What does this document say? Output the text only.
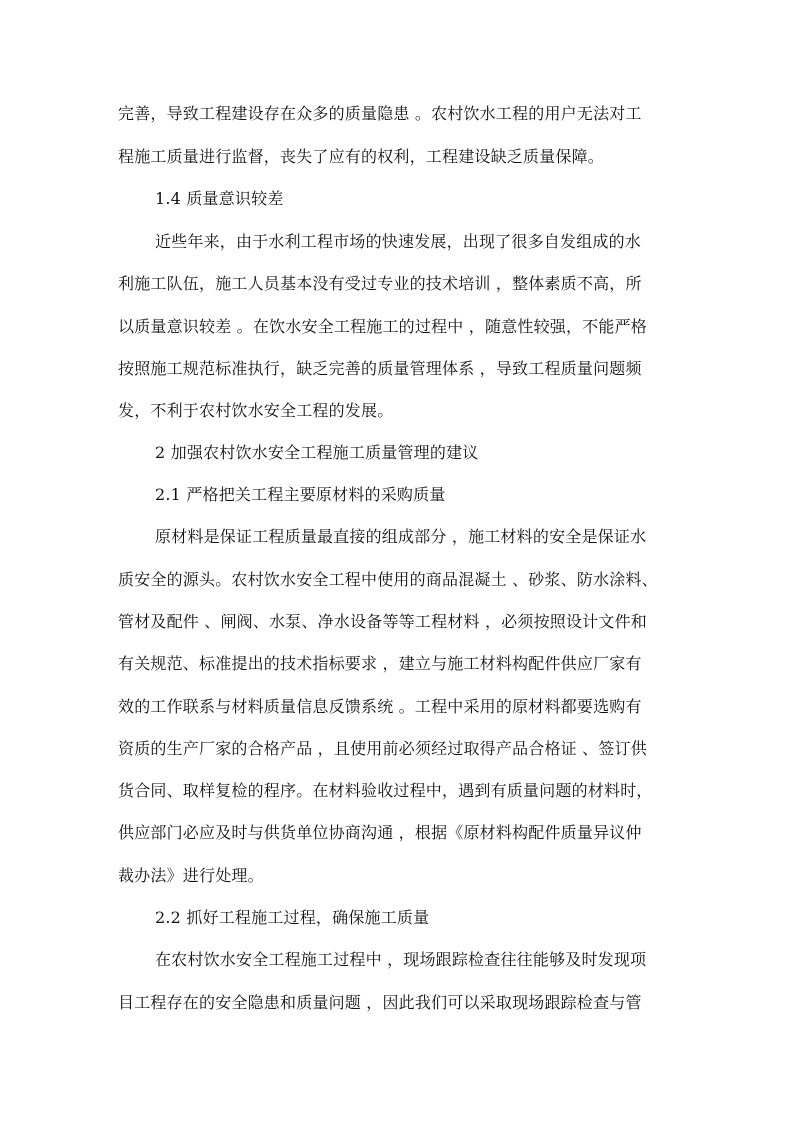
完善，导致工程建设存在众多的质量隐患 。农村饮水工程的用户无法对工
程施工质量进行监督，丧失了应有的权利，工程建设缺乏质量保障。
1.4 质量意识较差
近些年来，由于水利工程市场的快速发展，出现了很多自发组成的水
利施工队伍，施工人员基本没有受过专业的技术培训 ，整体素质不高，所
以质量意识较差 。在饮水安全工程施工的过程中 ，随意性较强，不能严格
按照施工规范标准执行，缺乏完善的质量管理体系 ，导致工程质量问题频
发，不利于农村饮水安全工程的发展。
2 加强农村饮水安全工程施工质量管理的建议
2.1 严格把关工程主要原材料的采购质量
原材料是保证工程质量最直接的组成部分 ，施工材料的安全是保证水
质安全的源头。农村饮水安全工程中使用的商品混凝土 、砂浆、防水涂料、
管材及配件 、闸阀、水泵、净水设备等等工程材料 ，必须按照设计文件和
有关规范、标准提出的技术指标要求 ，建立与施工材料构配件供应厂家有
效的工作联系与材料质量信息反馈系统 。工程中采用的原材料都要选购有
资质的生产厂家的合格产品 ，且使用前必须经过取得产品合格证 、签订供
货合同、取样复检的程序。在材料验收过程中，遇到有质量问题的材料时，
供应部门必应及时与供货单位协商沟通 ，根据《原材料构配件质量异议仲
裁办法》进行处理。
2.2 抓好工程施工过程，确保施工质量
在农村饮水安全工程施工过程中 ，现场跟踪检查往往能够及时发现项
目工程存在的安全隐患和质量问题 ，因此我们可以采取现场跟踪检查与管
